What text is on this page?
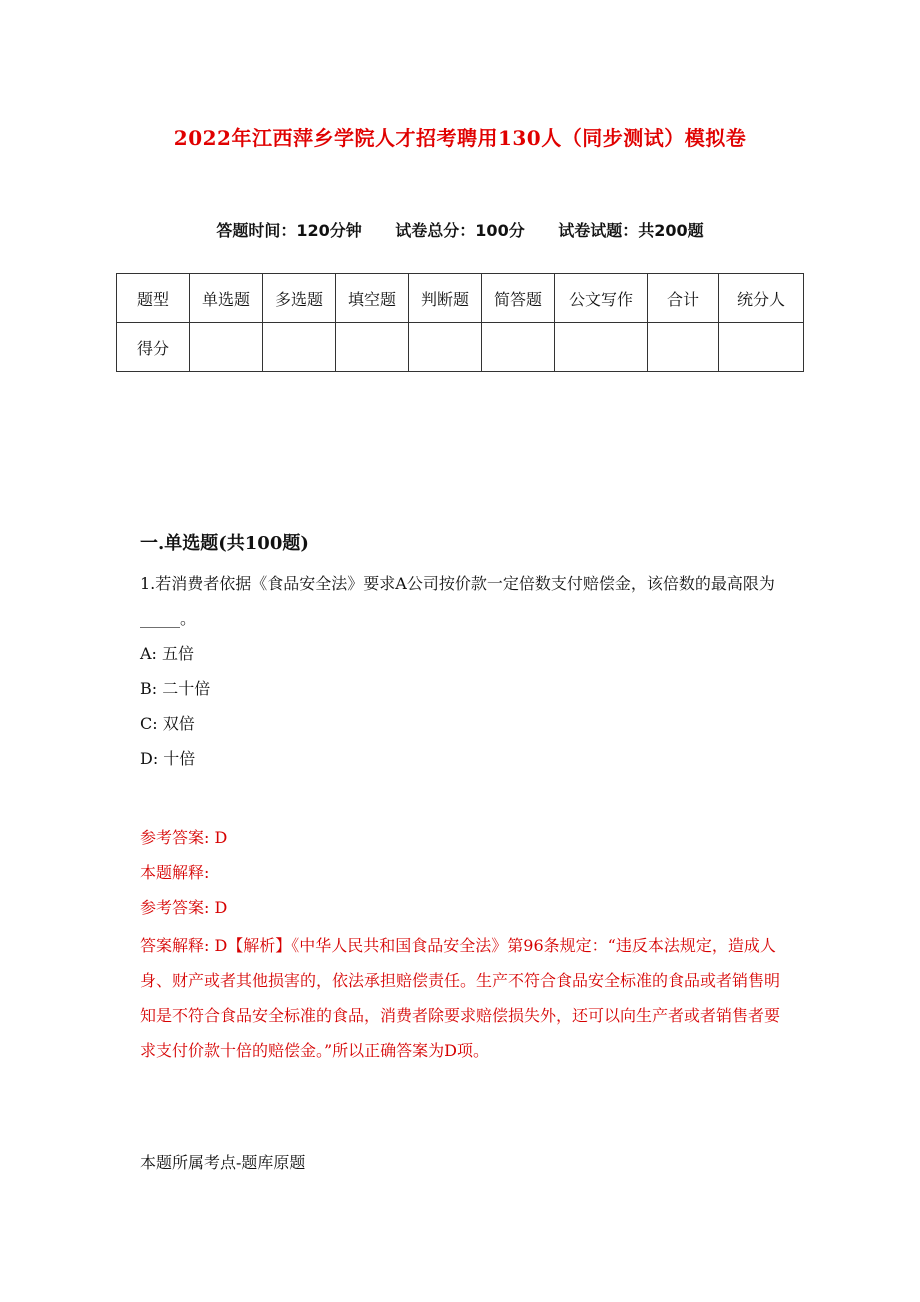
2022年江西萍乡学院人才招考聘用130人（同步测试）模拟卷
答题时间：120分钟 试卷总分：100分 试卷试题：共200题
题型	单选题	多选题	填空题	判断题	简答题	公文写作	合计	统分人
得分								
一.单选题(共100题)
1.若消费者依据《食品安全法》要求A公司按价款一定倍数支付赔偿金，该倍数的最高限为_____。
A: 五倍
B: 二十倍
C: 双倍
D: 十倍
参考答案: D
本题解释:
参考答案: D
答案解释: D【解析】《中华人民共和国食品安全法》第96条规定：“违反本法规定，造成人身、财产或者其他损害的，依法承担赔偿责任。生产不符合食品安全标准的食品或者销售明知是不符合食品安全标准的食品，消费者除要求赔偿损失外，还可以向生产者或者销售者要求支付价款十倍的赔偿金。”所以正确答案为D项。
本题所属考点-题库原题
